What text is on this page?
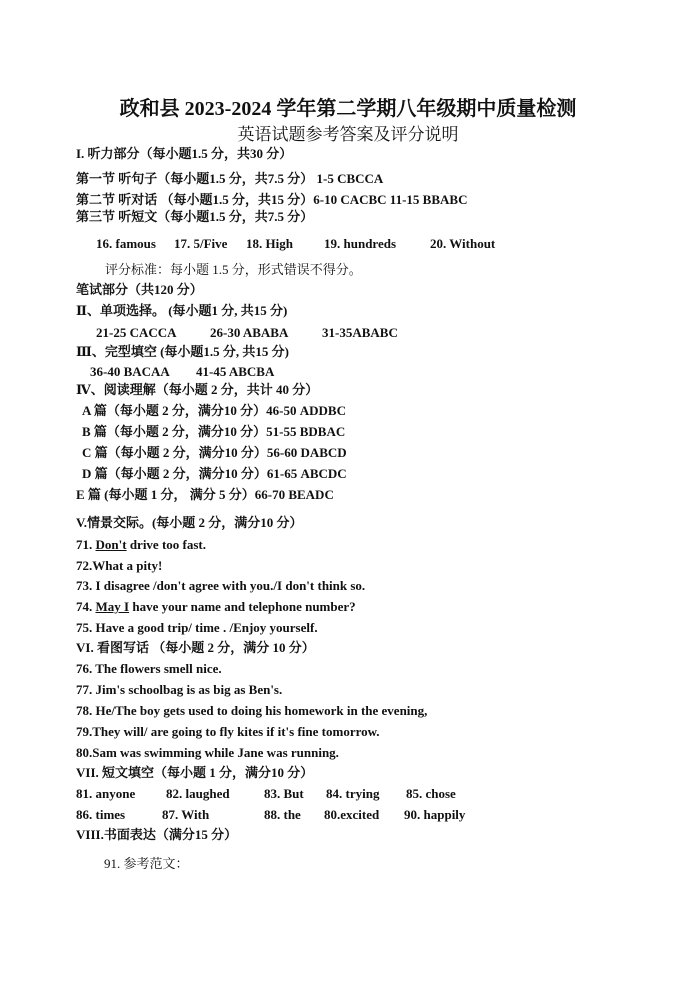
政和县 2023-2024 学年第二学期八年级期中质量检测
英语试题参考答案及评分说明
I. 听力部分（每小题1.5 分，共30 分）
第一节 听句子（每小题1.5 分，共7.5 分） 1-5 CBCCA
第二节 听对话 （每小题1.5 分，共15 分）6-10 CACBC 11-15 BBABC
第三节 听短文（每小题1.5 分，共7.5 分）
16. famous 17. 5/Five 18. High 19. hundreds	20. Without
评分标准：每小题 1.5 分，形式错误不得分。
笔试部分（共120 分）
Ⅱ、单项选择。 (每小题1 分, 共15 分)
21-25 CACCA	26-30 ABABA	31-35ABABC
Ⅲ、完型填空 (每小题1.5 分, 共15 分)
36-40 BACAA 41-45 ABCBA
Ⅳ、阅读理解（每小题 2 分，共计 40 分）
A 篇（每小题 2 分，满分10 分）46-50 ADDBC
B 篇（每小题 2 分，满分10 分）51-55 BDBAC
C 篇（每小题 2 分，满分10 分）56-60 DABCD
D 篇（每小题 2 分，满分10 分）61-65 ABCDC
E 篇 (每小题 1 分， 满分 5 分）66-70 BEADC
V.情景交际。(每小题 2 分，满分10 分）
71. Don't drive too fast.
72.What a pity!
73. I disagree /don't agree with you./I don't think so.
74. May I have your name and telephone number?
75. Have a good trip/ time . /Enjoy yourself.
VI. 看图写话 （每小题 2 分，满分 10 分）
76. The flowers smell nice.
77. Jim's schoolbag is as big as Ben's.
78. He/The boy gets used to doing his homework in the evening,
79.They will/ are going to fly kites if it's fine tomorrow.
80.Sam was swimming while Jane was running.
VII. 短文填空（每小题 1 分，满分10 分）
81. anyone 82. laughed	83. But 84. trying 85. chose
86. times	87. With	88. the 80.excited 90. happily
VIII.书面表达（满分15 分）
91. 参考范文：
